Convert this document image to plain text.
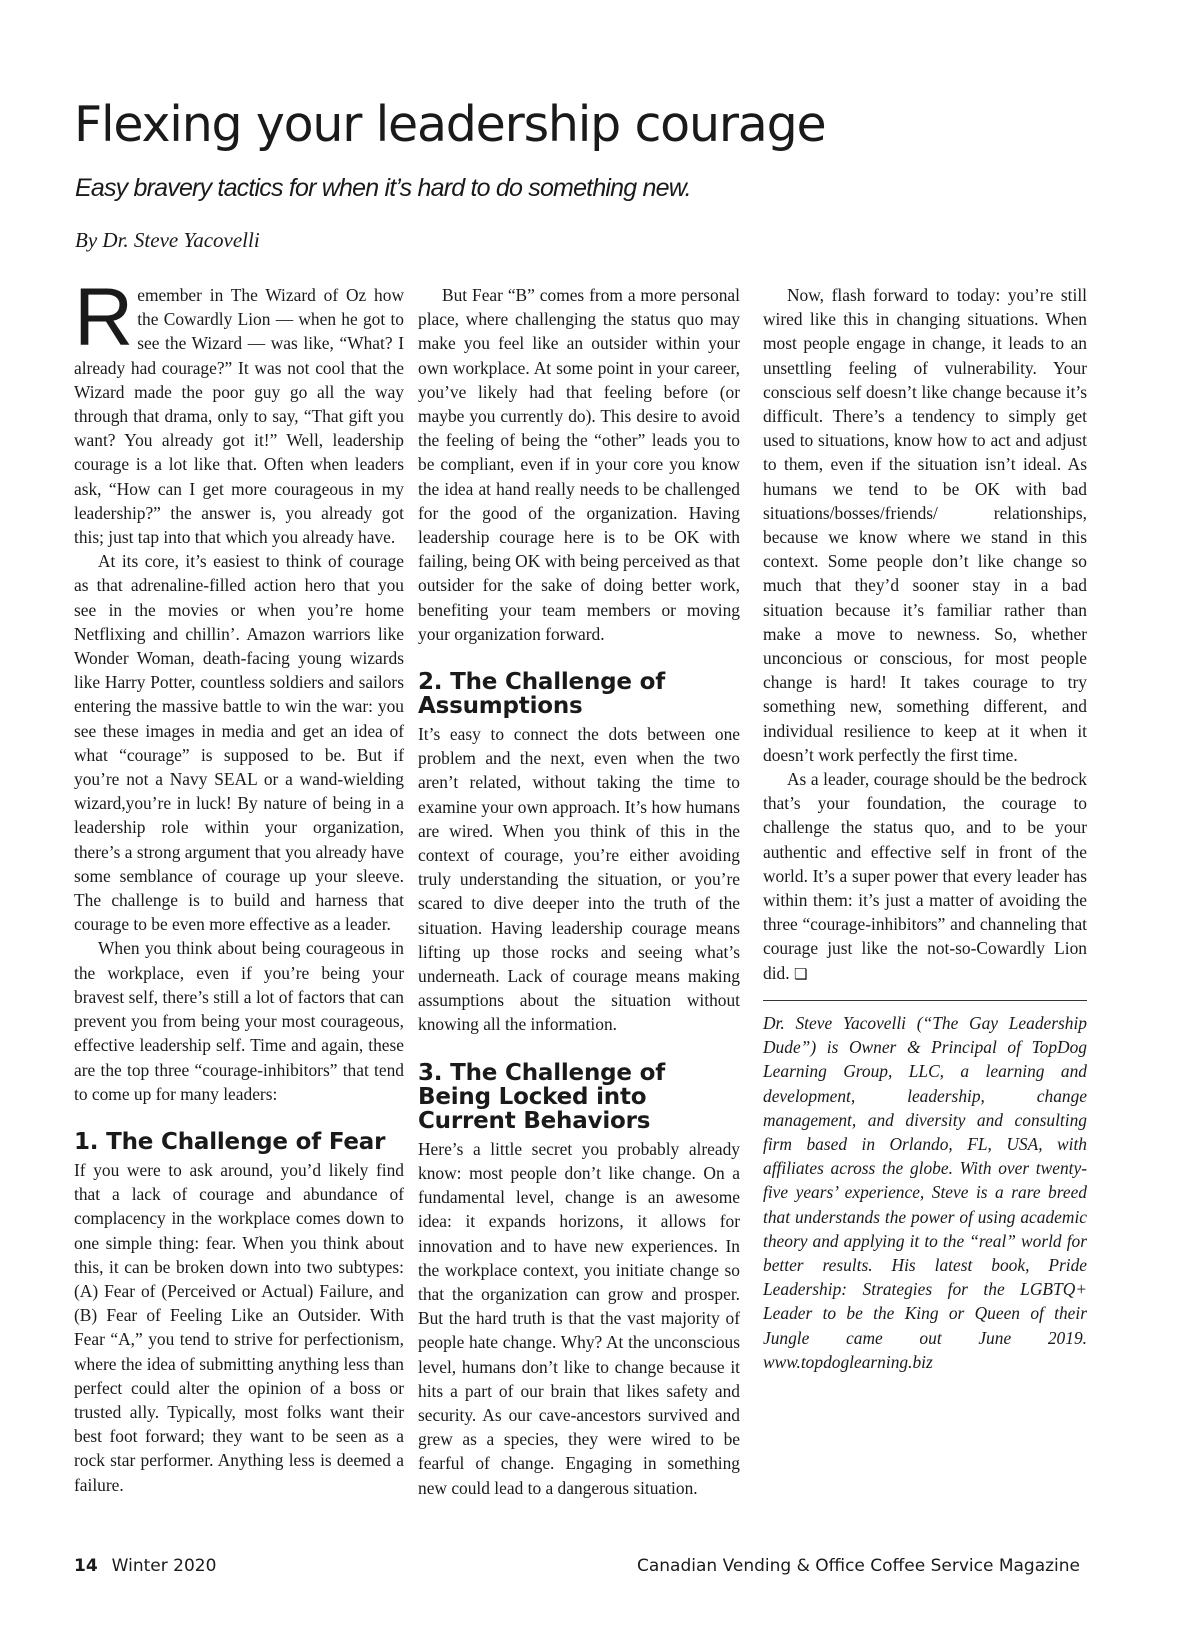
Flexing your leadership courage

Easy bravery tactics for when it’s hard to do something new.

By Dr. Steve Yacovelli

Remember in The Wizard of Oz how the Cowardly Lion — when he got to see the Wizard — was like, “What? I already had courage?” It was not cool that the Wizard made the poor guy go all the way through that drama, only to say, “That gift you want? You already got it!” Well, leadership courage is a lot like that. Often when leaders ask, “How can I get more courageous in my leadership?” the answer is, you already got this; just tap into that which you already have.

At its core, it’s easiest to think of courage as that adrenaline-filled action hero that you see in the movies or when you’re home Netflixing and chillin’. Amazon warriors like Wonder Woman, death-facing young wizards like Harry Potter, countless soldiers and sailors entering the massive battle to win the war: you see these images in media and get an idea of what “courage” is supposed to be. But if you’re not a Navy SEAL or a wand-wielding wizard,you’re in luck! By nature of being in a leadership role within your organization, there’s a strong argument that you already have some semblance of courage up your sleeve. The challenge is to build and harness that courage to be even more effective as a leader.

When you think about being courageous in the workplace, even if you’re being your bravest self, there’s still a lot of factors that can prevent you from being your most courageous, effective leadership self. Time and again, these are the top three “courage-inhibitors” that tend to come up for many leaders:

1. The Challenge of Fear

If you were to ask around, you’d likely find that a lack of courage and abundance of complacency in the workplace comes down to one simple thing: fear. When you think about this, it can be broken down into two subtypes: (A) Fear of (Perceived or Actual) Failure, and (B) Fear of Feeling Like an Outsider. With Fear “A,” you tend to strive for perfectionism, where the idea of submitting anything less than perfect could alter the opinion of a boss or trusted ally. Typically, most folks want their best foot forward; they want to be seen as a rock star performer. Anything less is deemed a failure.

But Fear “B” comes from a more personal place, where challenging the status quo may make you feel like an outsider within your own workplace. At some point in your career, you’ve likely had that feeling before (or maybe you currently do). This desire to avoid the feeling of being the “other” leads you to be compliant, even if in your core you know the idea at hand really needs to be challenged for the good of the organization. Having leadership courage here is to be OK with failing, being OK with being perceived as that outsider for the sake of doing better work, benefiting your team members or moving your organization forward.

2. The Challenge of Assumptions

It’s easy to connect the dots between one problem and the next, even when the two aren’t related, without taking the time to examine your own approach. It’s how humans are wired. When you think of this in the context of courage, you’re either avoiding truly understanding the situation, or you’re scared to dive deeper into the truth of the situation. Having leadership courage means lifting up those rocks and seeing what’s underneath. Lack of courage means making assumptions about the situation without knowing all the information.

3. The Challenge of Being Locked into Current Behaviors

Here’s a little secret you probably already know: most people don’t like change. On a fundamental level, change is an awesome idea: it expands horizons, it allows for innovation and to have new experiences. In the workplace context, you initiate change so that the organization can grow and prosper. But the hard truth is that the vast majority of people hate change. Why? At the unconscious level, humans don’t like to change because it hits a part of our brain that likes safety and security. As our cave-ancestors survived and grew as a species, they were wired to be fearful of change. Engaging in something new could lead to a dangerous situation.

Now, flash forward to today: you’re still wired like this in changing situations. When most people engage in change, it leads to an unsettling feeling of vulnerability. Your conscious self doesn’t like change because it’s difficult. There’s a tendency to simply get used to situations, know how to act and adjust to them, even if the situation isn’t ideal. As humans we tend to be OK with bad situations/bosses/friends/ relationships, because we know where we stand in this context. Some people don’t like change so much that they’d sooner stay in a bad situation because it’s familiar rather than make a move to newness. So, whether unconcious or conscious, for most people change is hard! It takes courage to try something new, something different, and individual resilience to keep at it when it doesn’t work perfectly the first time.

As a leader, courage should be the bedrock that’s your foundation, the courage to challenge the status quo, and to be your authentic and effective self in front of the world. It’s a super power that every leader has within them: it’s just a matter of avoiding the three “courage-inhibitors” and channeling that courage just like the not-so-Cowardly Lion did. ❏

Dr. Steve Yacovelli (“The Gay Leadership Dude”) is Owner & Principal of TopDog Learning Group, LLC, a learning and development, leadership, change management, and diversity and consulting firm based in Orlando, FL, USA, with affiliates across the globe. With over twenty-five years’ experience, Steve is a rare breed that understands the power of using academic theory and applying it to the “real” world for better results. His latest book, Pride Leadership: Strategies for the LGBTQ+ Leader to be the King or Queen of their Jungle came out June 2019. www.topdoglearning.biz

14 Winter 2020	Canadian Vending & Office Coffee Service Magazine
